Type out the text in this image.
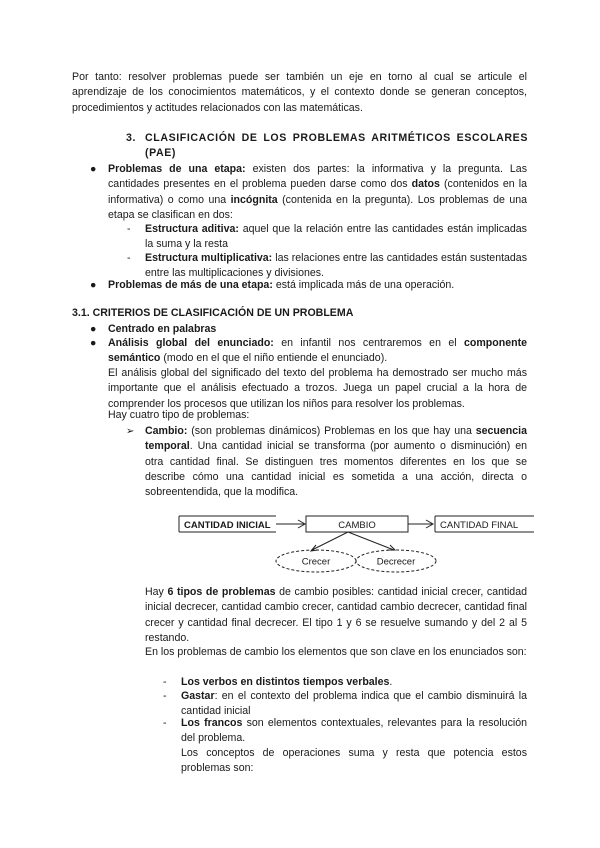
Por tanto: resolver problemas puede ser también un eje en torno al cual se articule el aprendizaje de los conocimientos matemáticos, y el contexto donde se generan conceptos, procedimientos y actitudes relacionados con las matemáticas.
3. CLASIFICACIÓN DE LOS PROBLEMAS ARITMÉTICOS ESCOLARES (PAE)
●	Problemas de una etapa: existen dos partes: la informativa y la pregunta. Las cantidades presentes en el problema pueden darse como dos datos (contenidos en la informativa) o como una incógnita (contenida en la pregunta). Los problemas de una etapa se clasifican en dos:
- Estructura aditiva: aquel que la relación entre las cantidades están implicadas la suma y la resta
- Estructura multiplicativa: las relaciones entre las cantidades están sustentadas entre las multiplicaciones y divisiones.
●	Problemas de más de una etapa: está implicada más de una operación.
3.1. CRITERIOS DE CLASIFICACIÓN DE UN PROBLEMA
●	Centrado en palabras
●	Análisis global del enunciado: en infantil nos centraremos en el componente semántico (modo en el que el niño entiende el enunciado).
El análisis global del significado del texto del problema ha demostrado ser mucho más importante que el análisis efectuado a trozos. Juega un papel crucial a la hora de comprender los procesos que utilizan los niños para resolver los problemas.
Hay cuatro tipo de problemas:
➢ Cambio: (son problemas dinámicos) Problemas en los que hay una secuencia temporal. Una cantidad inicial se transforma (por aumento o disminución) en otra cantidad final. Se distinguen tres momentos diferentes en los que se describe cómo una cantidad inicial es sometida a una acción, directa o sobreentendida, que la modifica.
CANTIDAD INICIAL	CAMBIO	CANTIDAD FINAL
Crecer	Decrecer
Hay 6 tipos de problemas de cambio posibles: cantidad inicial crecer, cantidad inicial decrecer, cantidad cambio crecer, cantidad cambio decrecer, cantidad final crecer y cantidad final decrecer. El tipo 1 y 6 se resuelve sumando y del 2 al 5 restando.
En los problemas de cambio los elementos que son clave en los enunciados son:
- Los verbos en distintos tiempos verbales.
- Gastar: en el contexto del problema indica que el cambio disminuirá la cantidad inicial
- Los francos son elementos contextuales, relevantes para la resolución del problema.
Los conceptos de operaciones suma y resta que potencia estos problemas son:
